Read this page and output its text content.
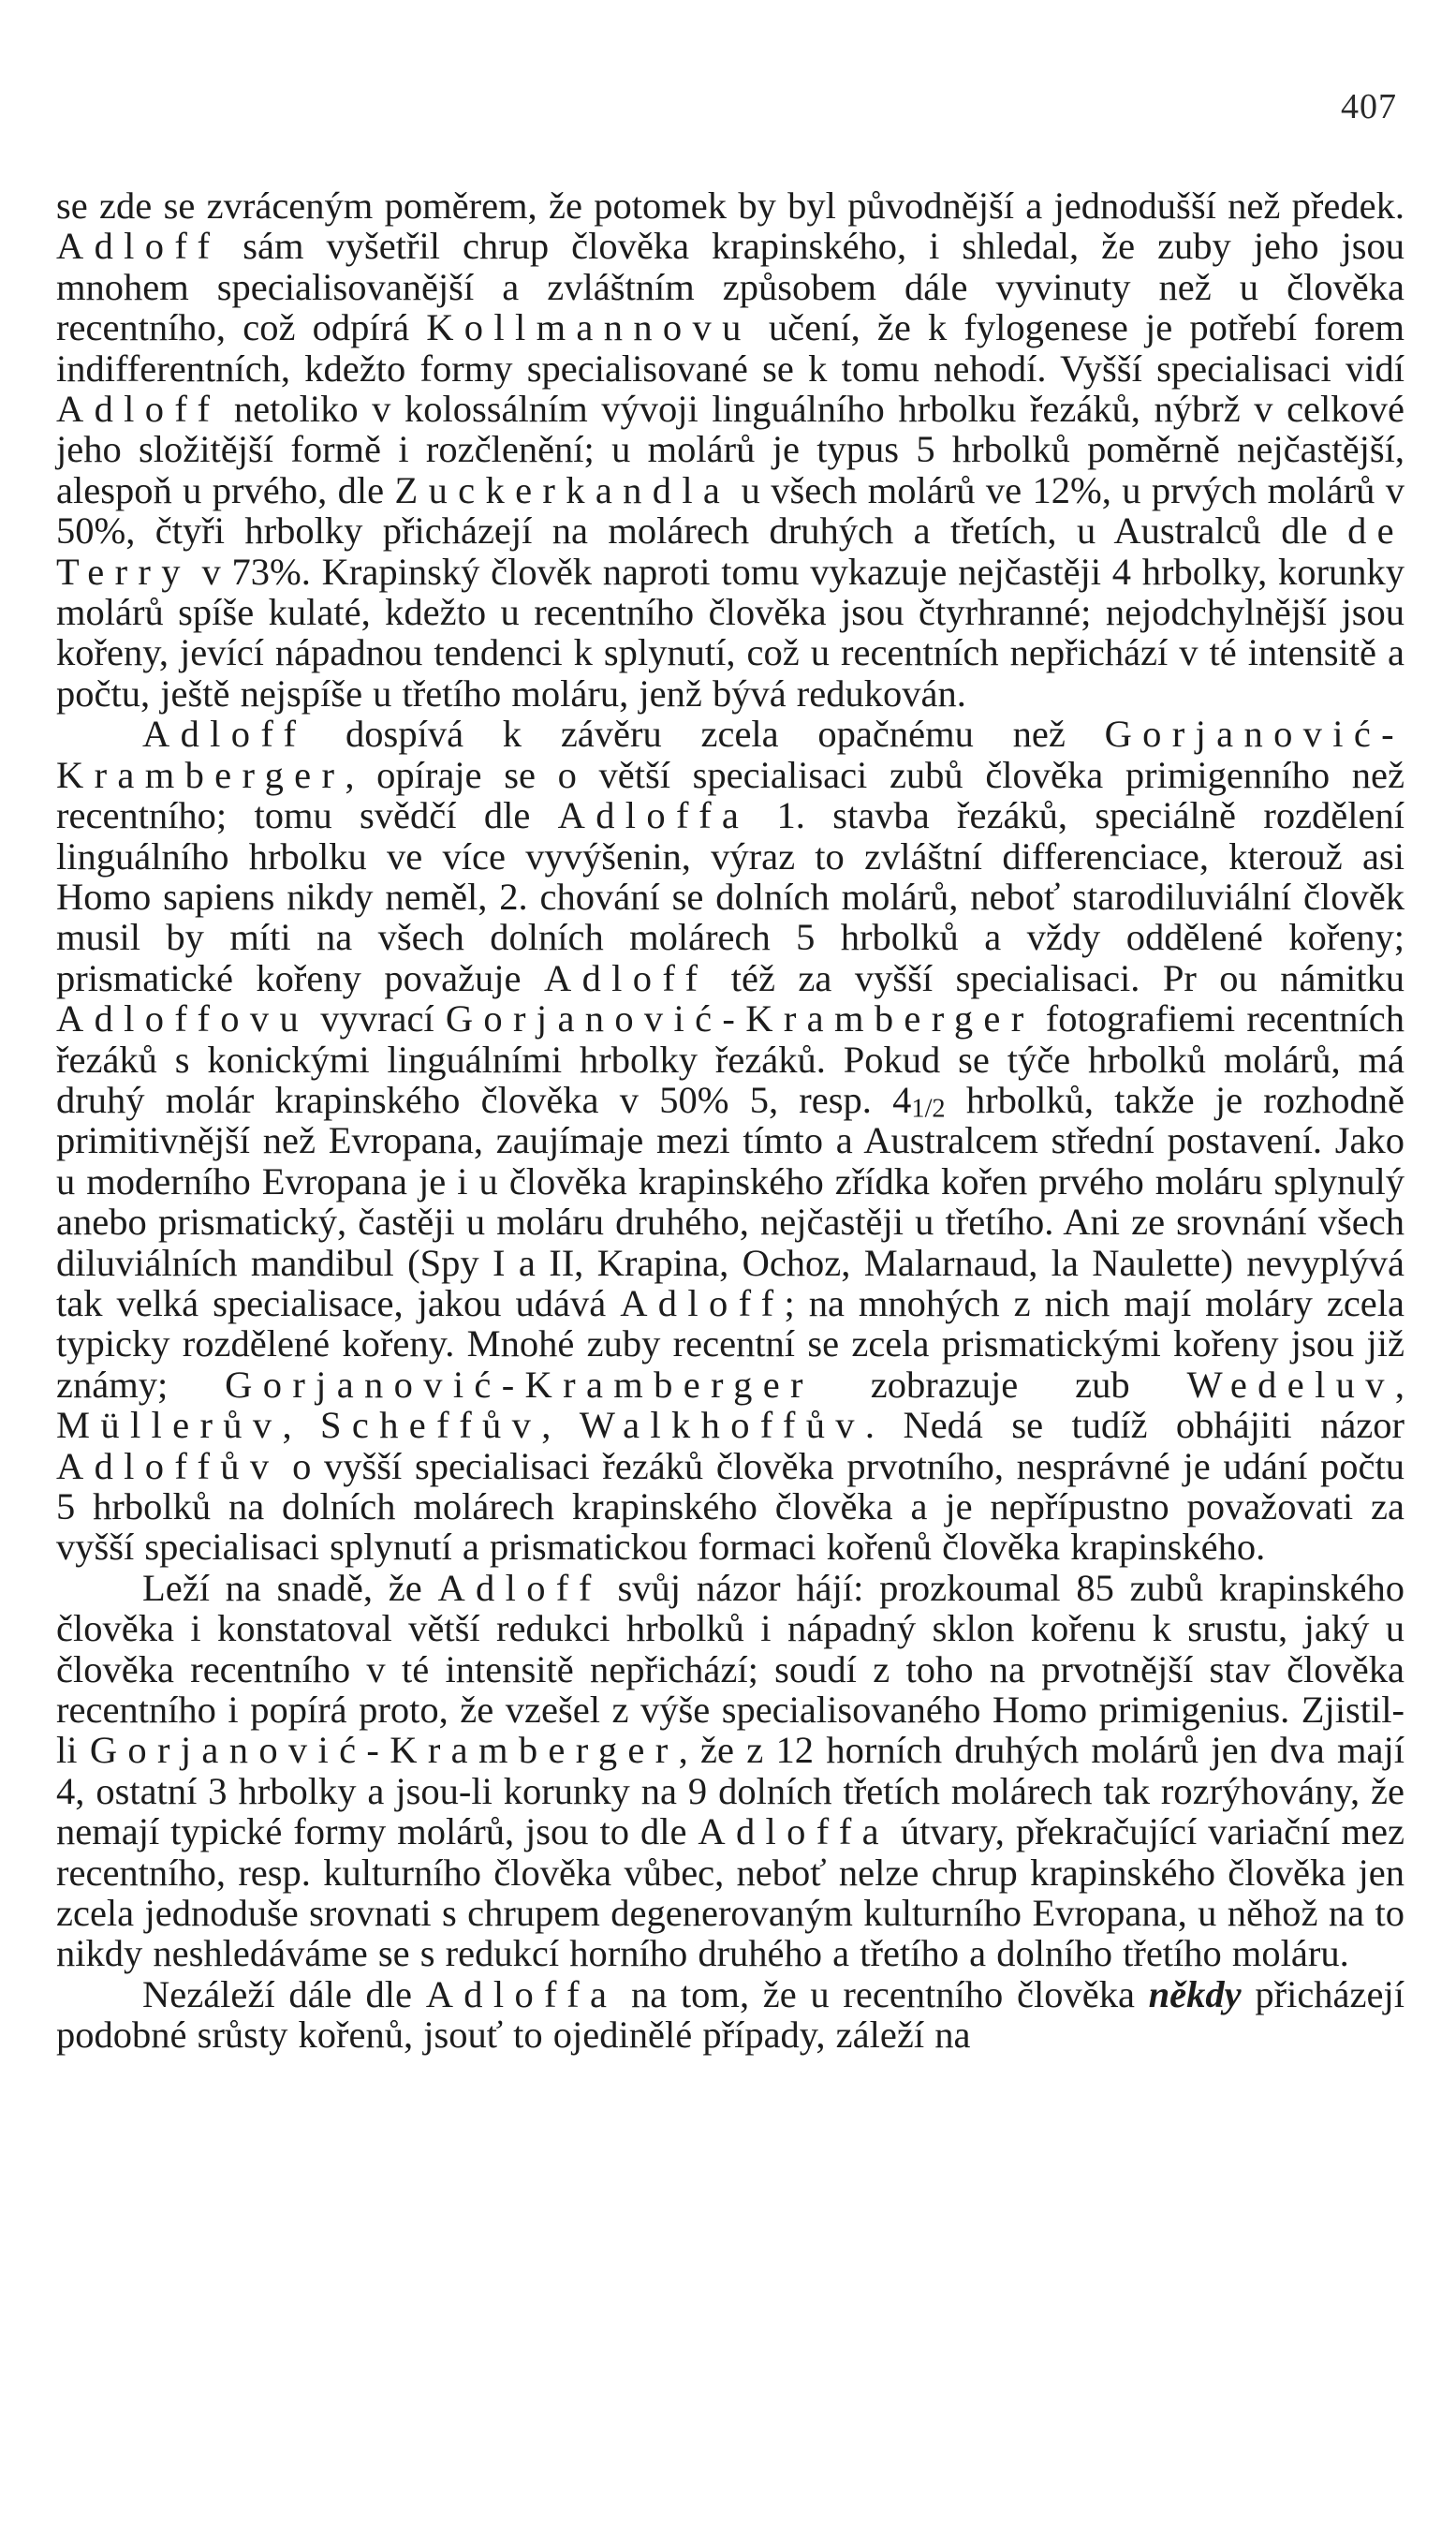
407

se zde se zvráceným poměrem, že potomek by byl původnější a jednodušší než předek. Adloff sám vyšetřil chrup člověka krapinského, i shledal, že zuby jeho jsou mnohem specialisovanější a zvláštním způsobem dále vyvinuty než u člověka recentního, což odpírá Kollmannovu učení, že k fylogenese je potřebí forem indifferentních, kdežto formy specialisované se k tomu nehodí. Vyšší specialisaci vidí Adloff netoliko v kolossálním vývoji linguálního hrbolku řezáků, nýbrž v celkové jeho složitější formě i rozčlenění; u molárů je typus 5 hrbolků poměrně nejčastější, alespoň u prvého, dle Zuckerkandla u všech molárů ve 12%, u prvých molárů v 50%, čtyři hrbolky přicházejí na molárech druhých a třetích, u Australců dle de Terry v 73%. Krapinský člověk naproti tomu vykazuje nejčastěji 4 hrbolky, korunky molárů spíše kulaté, kdežto u recentního člověka jsou čtyrhranné; nejodchylnější jsou kořeny, jevící nápadnou tendenci k splynutí, což u recentních nepřichází v té intensitě a počtu, ještě nejspíše u třetího moláru, jenž bývá redukován.

Adloff dospívá k závěru zcela opačnému než Gorjanović-Kramberger, opíraje se o větší specialisaci zubů člověka primigenního než recentního; tomu svědčí dle Adloffa 1. stavba řezáků, speciálně rozdělení linguálního hrbolku ve více vyvýšenin, výraz to zvláštní differenciace, kterouž asi Homo sapiens nikdy neměl, 2. chování se dolních molárů, neboť starodiluviální člověk musil by míti na všech dolních molárech 5 hrbolků a vždy oddělené kořeny; prismatické kořeny považuje Adloff též za vyšší specialisaci. Pr ou námitku Adloffovu vyvrací Gorjanović-Kramberger fotografiemi recentních řezáků s konickými linguálními hrbolky řezáků. Pokud se týče hrbolků molárů, má druhý molár krapinského člověka v 50% 5, resp. $4_{1/2}$ hrbolků, takže je rozhodně primitivnější než Evropana, zaujímaje mezi tímto a Australcem střední postavení. Jako u moderního Evropana je i u člověka krapinského zřídka kořen prvého moláru splynulý anebo prismatický, častěji u moláru druhého, nejčastěji u třetího. Ani ze srovnání všech diluviálních mandibul (Spy I a II, Krapina, Ochoz, Malarnaud, la Naulette) nevyplývá tak velká specialisace, jakou udává Adloff; na mnohých z nich mají moláry zcela typicky rozdělené kořeny. Mnohé zuby recentní se zcela prismatickými kořeny jsou již známy; Gorjanović-Kramberger zobrazuje zub Wedeluv, Müllerův, Scheffův, Walkhoffův. Nedá se tudíž obhájiti názor Adloffův o vyšší specialisaci řezáků člověka prvotního, nesprávné je udání počtu 5 hrbolků na dolních molárech krapinského člověka a je nepřípustno považovati za vyšší specialisaci splynutí a prismatickou formaci kořenů člověka krapinského.

Leží na snadě, že Adloff svůj názor hájí: prozkoumal 85 zubů krapinského člověka i konstatoval větší redukci hrbolků i nápadný sklon kořenu k srustu, jaký u člověka recentního v té intensitě nepřichází; soudí z toho na prvotnější stav člověka recentního i popírá proto, že vzešel z výše specialisovaného Homo primigenius. Zjistil-li Gorjanović-Kramberger, že z 12 horních druhých molárů jen dva mají 4, ostatní 3 hrbolky a jsou-li korunky na 9 dolních třetích molárech tak rozrýhovány, že nemají typické formy molárů, jsou to dle Adloffa útvary, překračující variační mez recentního, resp. kulturního člověka vůbec, neboť nelze chrup krapinského člověka jen zcela jednoduše srovnati s chrupem degenerovaným kulturního Evropana, u něhož na to nikdy neshledáváme se s redukcí horního druhého a třetího a dolního třetího moláru.

Nezáleží dále dle Adloffa na tom, že u recentního člověka někdy přicházejí podobné srůsty kořenů, jsouť to ojedinělé případy, záleží na
